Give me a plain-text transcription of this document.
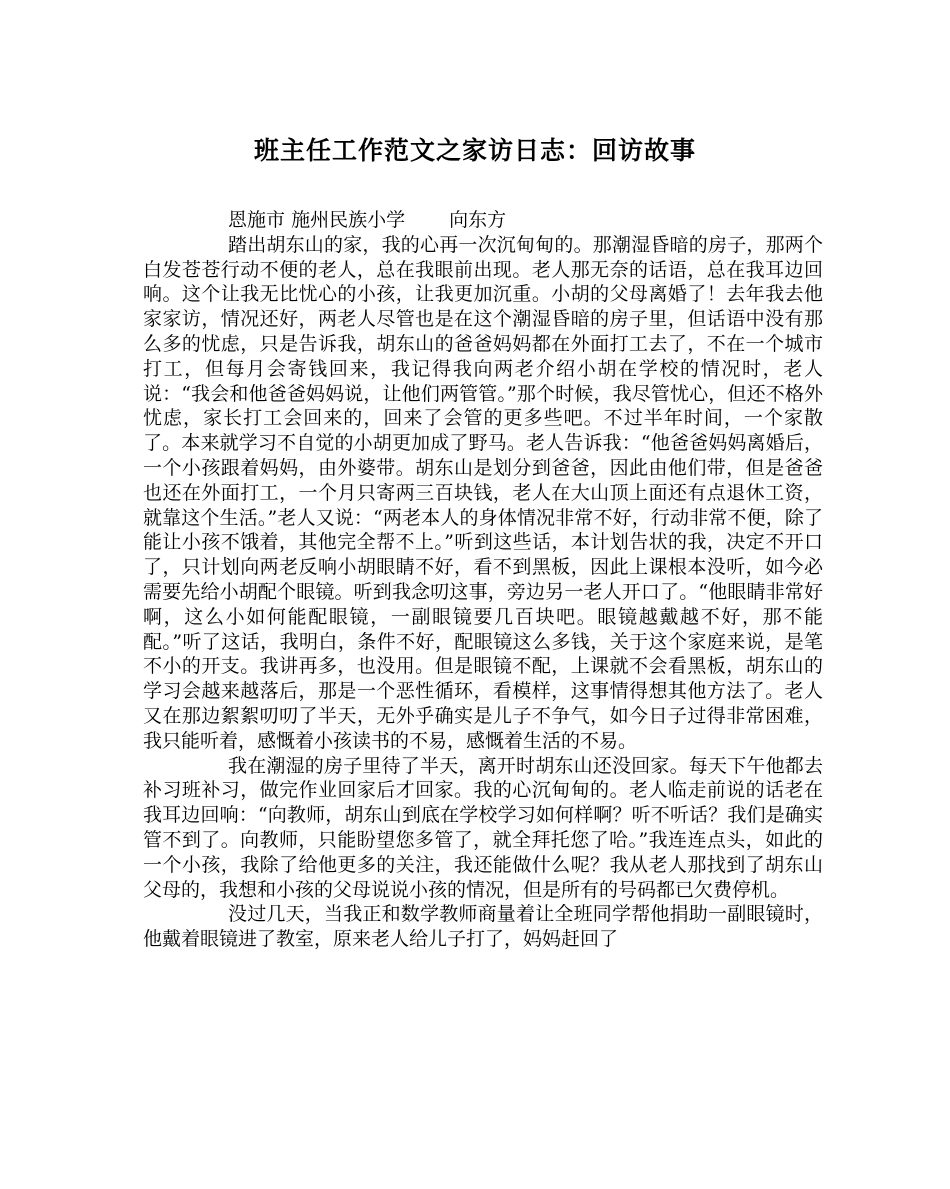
班主任工作范文之家访日志：回访故事

恩施市 施州民族小学 向东方

踏出胡东山的家，我的心再一次沉甸甸的。那潮湿昏暗的房子，那两个白发苍苍行动不便的老人，总在我眼前出现。老人那无奈的话语，总在我耳边回响。这个让我无比忧心的小孩，让我更加沉重。小胡的父母离婚了！去年我去他家家访，情况还好，两老人尽管也是在这个潮湿昏暗的房子里，但话语中没有那么多的忧虑，只是告诉我，胡东山的爸爸妈妈都在外面打工去了，不在一个城市打工，但每月会寄钱回来，我记得我向两老介绍小胡在学校的情况时，老人说：“我会和他爸爸妈妈说，让他们两管管。”那个时候，我尽管忧心，但还不格外忧虑，家长打工会回来的，回来了会管的更多些吧。不过半年时间，一个家散了。本来就学习不自觉的小胡更加成了野马。老人告诉我：“他爸爸妈妈离婚后，一个小孩跟着妈妈，由外婆带。胡东山是划分到爸爸，因此由他们带，但是爸爸也还在外面打工，一个月只寄两三百块钱，老人在大山顶上面还有点退休工资，就靠这个生活。”老人又说：“两老本人的身体情况非常不好，行动非常不便，除了能让小孩不饿着，其他完全帮不上。”听到这些话，本计划告状的我，决定不开口了，只计划向两老反响小胡眼睛不好，看不到黑板，因此上课根本没听，如今必需要先给小胡配个眼镜。听到我念叨这事，旁边另一老人开口了。“他眼睛非常好啊，这么小如何能配眼镜，一副眼镜要几百块吧。眼镜越戴越不好，那不能配。”听了这话，我明白，条件不好，配眼镜这么多钱，关于这个家庭来说，是笔不小的开支。我讲再多，也没用。但是眼镜不配，上课就不会看黑板，胡东山的学习会越来越落后，那是一个恶性循环，看模样，这事情得想其他方法了。老人又在那边絮絮叨叨了半天，无外乎确实是儿子不争气，如今日子过得非常困难，我只能听着，感慨着小孩读书的不易，感慨着生活的不易。

我在潮湿的房子里待了半天，离开时胡东山还没回家。每天下午他都去补习班补习，做完作业回家后才回家。我的心沉甸甸的。老人临走前说的话老在我耳边回响：“向教师，胡东山到底在学校学习如何样啊？听不听话？我们是确实管不到了。向教师，只能盼望您多管了，就全拜托您了哈。”我连连点头，如此的一个小孩，我除了给他更多的关注，我还能做什么呢？我从老人那找到了胡东山父母的，我想和小孩的父母说说小孩的情况，但是所有的号码都已欠费停机。

没过几天，当我正和数学教师商量着让全班同学帮他捐助一副眼镜时，他戴着眼镜进了教室，原来老人给儿子打了，妈妈赶回了
